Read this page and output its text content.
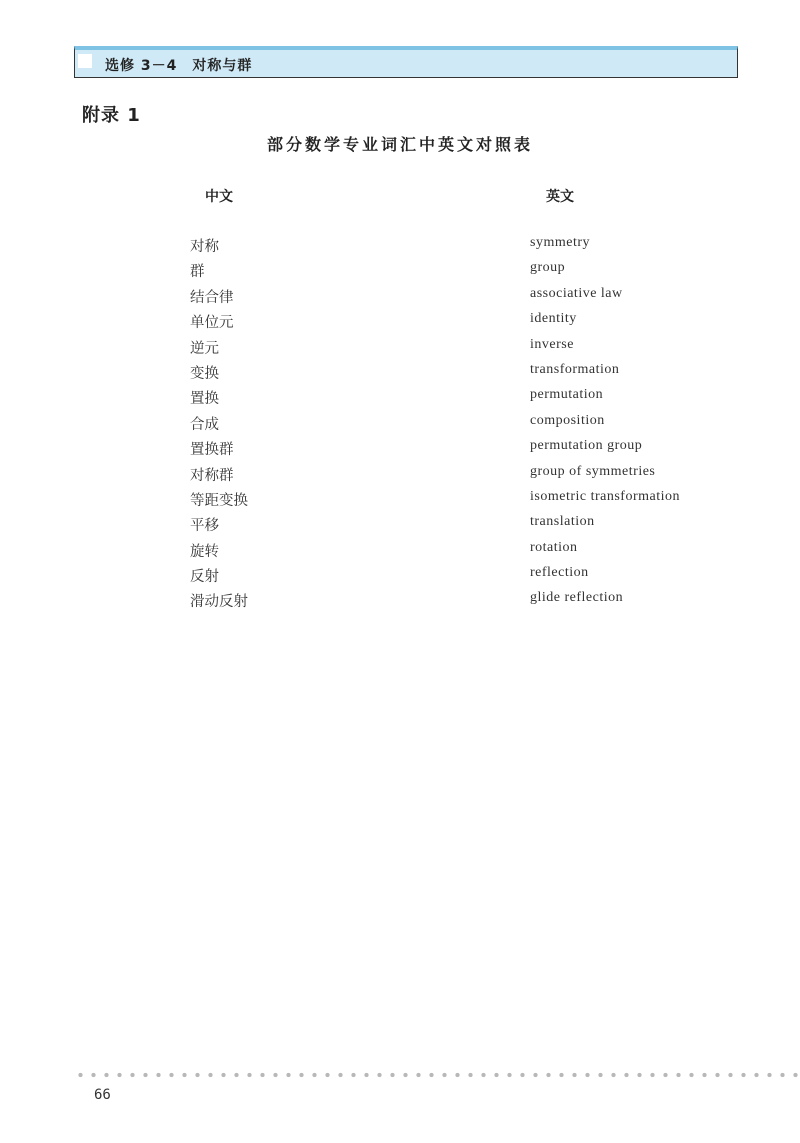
选修 3－4　对称与群
附录 1
部分数学专业词汇中英文对照表
中文	英文
对称	symmetry
群	group
结合律	associative law
单位元	identity
逆元	inverse
变换	transformation
置换	permutation
合成	composition
置换群	permutation group
对称群	group of symmetries
等距变换	isometric transformation
平移	translation
旋转	rotation
反射	reflection
滑动反射	glide reflection
66
